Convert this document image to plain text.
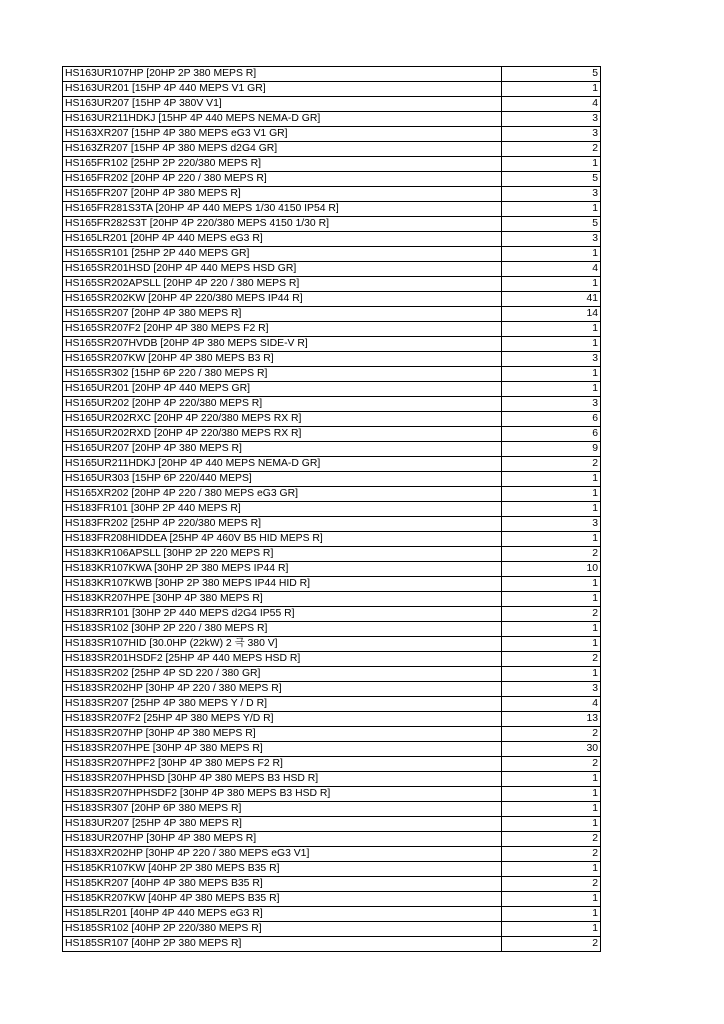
HS163UR107HP [20HP 2P 380 MEPS R]	5
HS163UR201 [15HP 4P 440 MEPS V1 GR]	1
HS163UR207 [15HP 4P 380V V1]	4
HS163UR211HDKJ [15HP 4P 440 MEPS NEMA-D GR]	3
HS163XR207 [15HP 4P 380 MEPS eG3 V1 GR]	3
HS163ZR207 [15HP 4P 380 MEPS d2G4 GR]	2
HS165FR102 [25HP 2P 220/380 MEPS R]	1
HS165FR202 [20HP 4P 220 / 380 MEPS R]	5
HS165FR207 [20HP 4P 380 MEPS R]	3
HS165FR281S3TA [20HP 4P 440 MEPS 1/30 4150 IP54 R]	1
HS165FR282S3T [20HP 4P 220/380 MEPS 4150 1/30 R]	5
HS165LR201 [20HP 4P 440 MEPS eG3 R]	3
HS165SR101 [25HP 2P 440 MEPS GR]	1
HS165SR201HSD [20HP 4P 440 MEPS HSD GR]	4
HS165SR202APSLL [20HP 4P 220 / 380 MEPS R]	1
HS165SR202KW [20HP 4P 220/380 MEPS IP44 R]	41
HS165SR207 [20HP 4P 380 MEPS R]	14
HS165SR207F2 [20HP 4P 380 MEPS F2 R]	1
HS165SR207HVDB [20HP 4P 380 MEPS SIDE-V R]	1
HS165SR207KW [20HP 4P 380 MEPS B3 R]	3
HS165SR302 [15HP 6P 220 / 380 MEPS R]	1
HS165UR201 [20HP 4P 440 MEPS GR]	1
HS165UR202 [20HP 4P 220/380 MEPS R]	3
HS165UR202RXC [20HP 4P 220/380 MEPS RX R]	6
HS165UR202RXD [20HP 4P 220/380 MEPS RX R]	6
HS165UR207 [20HP 4P 380 MEPS R]	9
HS165UR211HDKJ [20HP 4P 440 MEPS NEMA-D GR]	2
HS165UR303 [15HP 6P 220/440 MEPS]	1
HS165XR202 [20HP 4P 220 / 380 MEPS eG3 GR]	1
HS183FR101 [30HP 2P 440 MEPS R]	1
HS183FR202 [25HP 4P 220/380 MEPS R]	3
HS183FR208HIDDEA [25HP 4P 460V B5 HID MEPS R]	1
HS183KR106APSLL [30HP 2P 220 MEPS R]	2
HS183KR107KWA [30HP 2P 380 MEPS IP44 R]	10
HS183KR107KWB [30HP 2P 380 MEPS IP44 HID R]	1
HS183KR207HPE [30HP 4P 380 MEPS R]	1
HS183RR101 [30HP 2P 440 MEPS d2G4 IP55 R]	2
HS183SR102 [30HP 2P 220 / 380 MEPS R]	1
HS183SR107HID [30.0HP (22kW) 2 극 380 V]	1
HS183SR201HSDF2 [25HP 4P 440 MEPS HSD R]	2
HS183SR202 [25HP 4P SD 220 / 380 GR]	1
HS183SR202HP [30HP 4P 220 / 380 MEPS R]	3
HS183SR207 [25HP 4P 380 MEPS Y / D R]	4
HS183SR207F2 [25HP 4P 380 MEPS Y/D R]	13
HS183SR207HP [30HP 4P 380 MEPS R]	2
HS183SR207HPE [30HP 4P 380 MEPS R]	30
HS183SR207HPF2 [30HP 4P 380 MEPS F2 R]	2
HS183SR207HPHSD [30HP 4P 380 MEPS B3 HSD R]	1
HS183SR207HPHSDF2 [30HP 4P 380 MEPS B3 HSD R]	1
HS183SR307 [20HP 6P 380 MEPS R]	1
HS183UR207 [25HP 4P 380 MEPS R]	1
HS183UR207HP [30HP 4P 380 MEPS R]	2
HS183XR202HP [30HP 4P 220 / 380 MEPS eG3 V1]	2
HS185KR107KW [40HP 2P 380 MEPS B35 R]	1
HS185KR207 [40HP 4P 380 MEPS B35 R]	2
HS185KR207KW [40HP 4P 380 MEPS B35 R]	1
HS185LR201 [40HP 4P 440 MEPS eG3 R]	1
HS185SR102 [40HP 2P 220/380 MEPS R]	1
HS185SR107 [40HP 2P 380 MEPS R]	2
